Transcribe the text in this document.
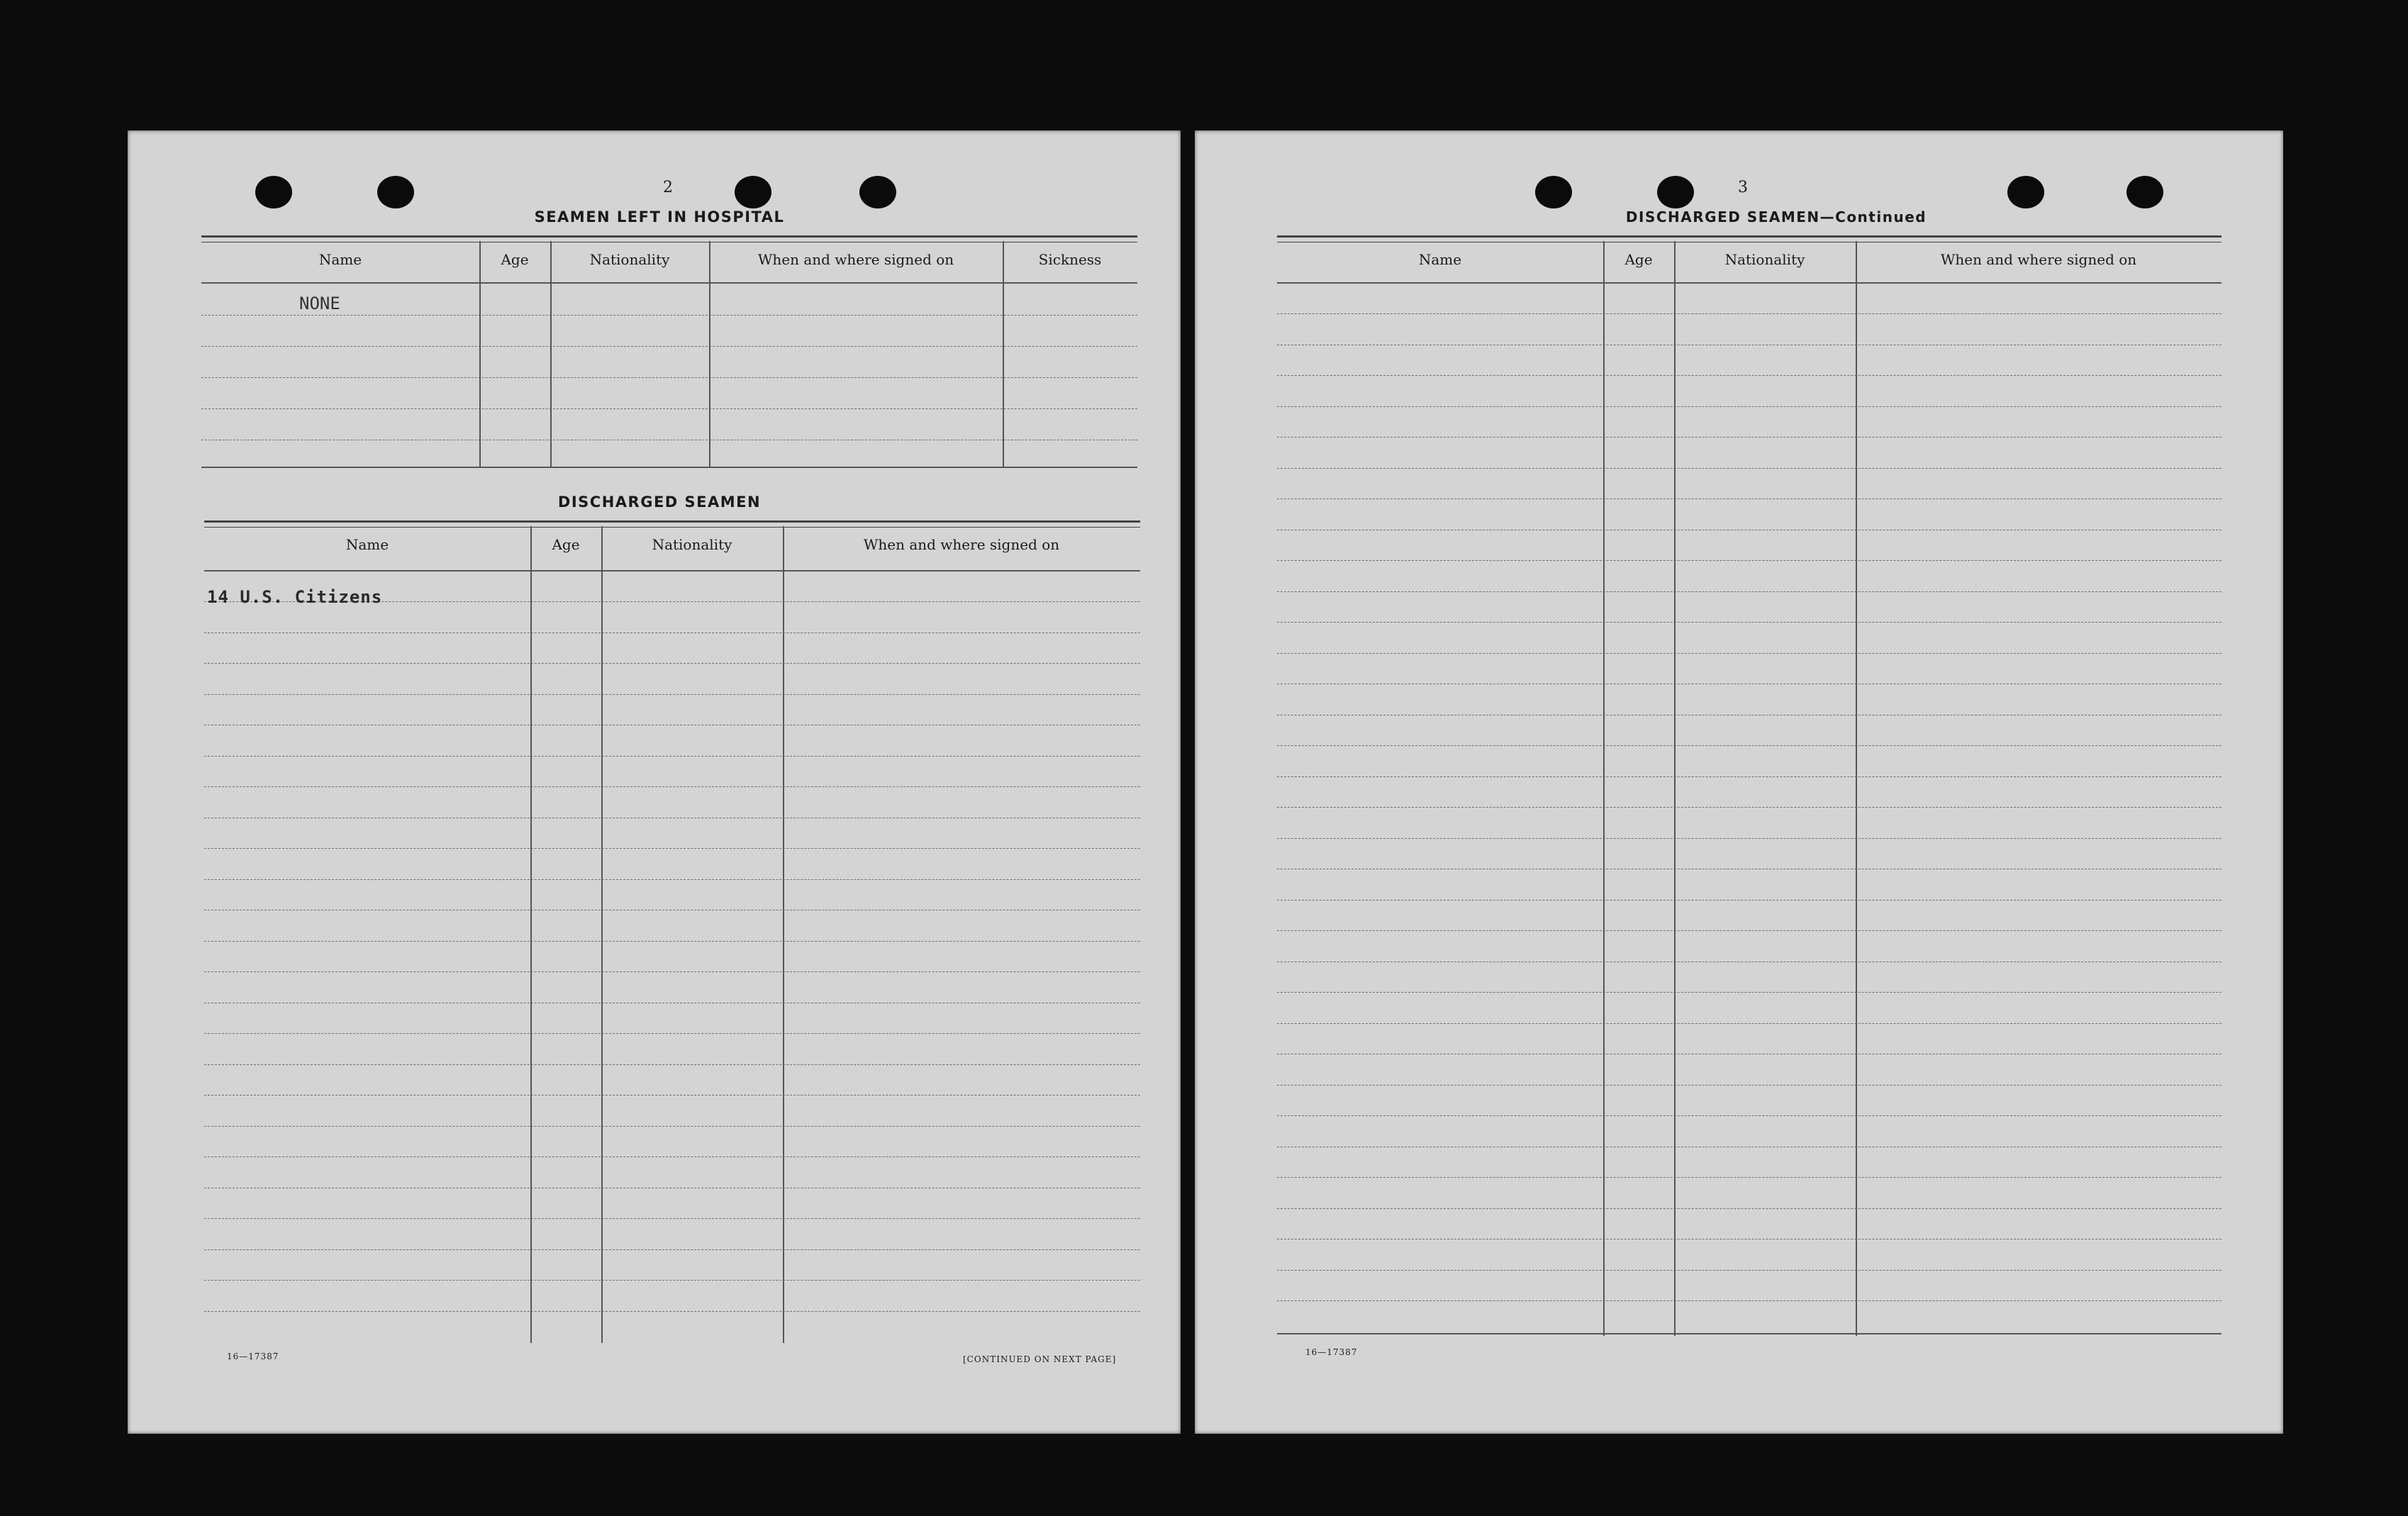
2
SEAMEN LEFT IN HOSPITAL
Name	Age	Nationality	When and where signed on	Sickness
NONE
DISCHARGED SEAMEN
Name	Age	Nationality	When and where signed on
14 U.S. Citizens
16—17387	[CONTINUED ON NEXT PAGE]
3
DISCHARGED SEAMEN—Continued
Name	Age	Nationality	When and where signed on
16—17387
